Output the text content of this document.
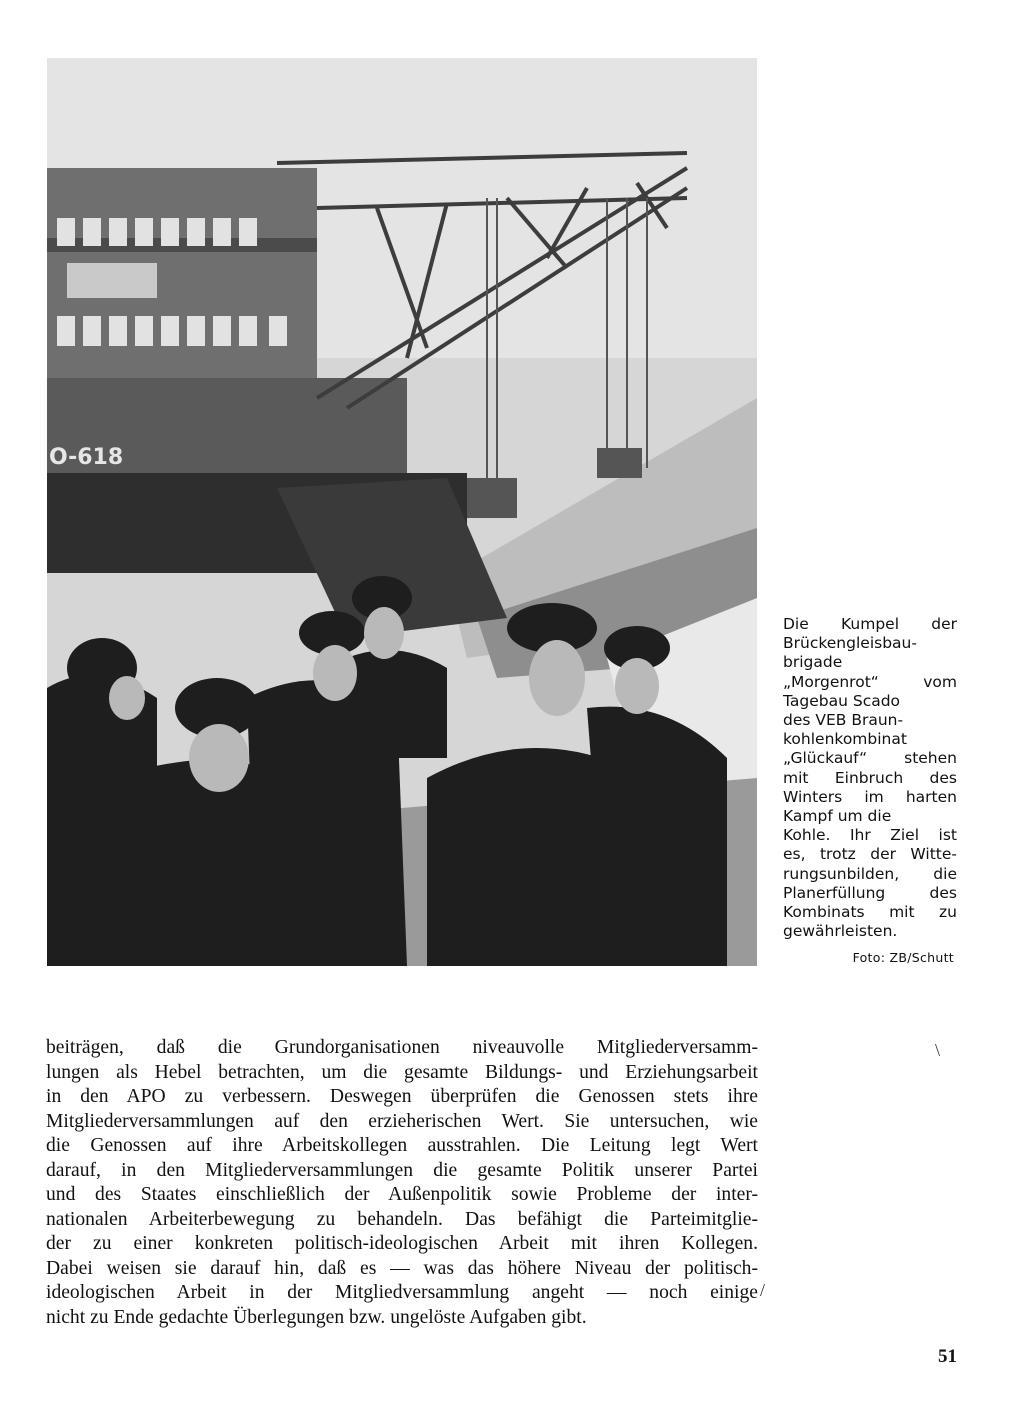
O-618
Die Kumpel der
Brückengleisbau-
brigade
„Morgenrot“ vom
Tagebau Scado
des VEB Braun-
kohlenkombinat
„Glückauf“ stehen
mit Einbruch des
Winters im harten
Kampf um die
Kohle. Ihr Ziel ist
es, trotz der Witte-
rungsunbilden, die
Planerfüllung des
Kombinats mit zu
gewährleisten.
Foto: ZB/Schutt
beiträgen, daß die Grundorganisationen niveauvolle Mitgliederversamm-
lungen als Hebel betrachten, um die gesamte Bildungs- und Erziehungsarbeit
in den APO zu verbessern. Deswegen überprüfen die Genossen stets ihre
Mitgliederversammlungen auf den erzieherischen Wert. Sie untersuchen, wie
die Genossen auf ihre Arbeitskollegen ausstrahlen. Die Leitung legt Wert
darauf, in den Mitgliederversammlungen die gesamte Politik unserer Partei
und des Staates einschließlich der Außenpolitik sowie Probleme der inter-
nationalen Arbeiterbewegung zu behandeln. Das befähigt die Parteimitglie-
der zu einer konkreten politisch-ideologischen Arbeit mit ihren Kollegen.
Dabei weisen sie darauf hin, daß es — was das höhere Niveau der politisch-
ideologischen Arbeit in der Mitgliedversammlung angeht — noch einige
nicht zu Ende gedachte Überlegungen bzw. ungelöste Aufgaben gibt.
\
/
51
